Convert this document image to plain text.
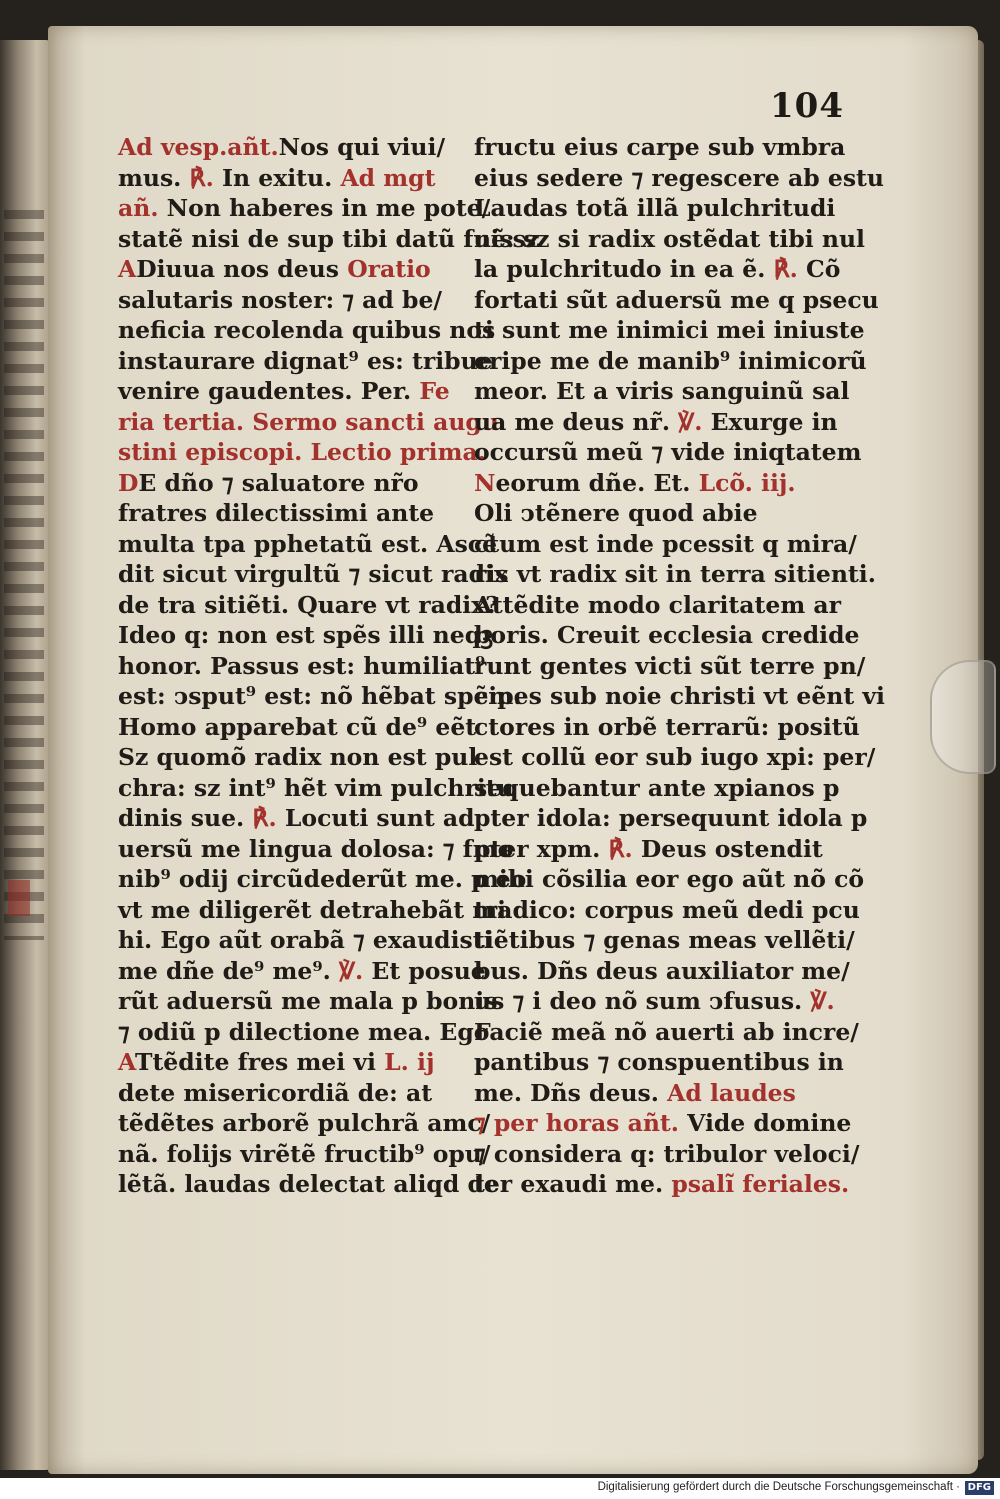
104
Ad vesp.añt.Nos qui viui/
mus. ℟. In exitu. Ad mgt
añ. Non haberes in me pote/
statẽ nisi de sup tibi datũ fuissz
ADiuua nos deus Oratio
salutaris noster: ⁊ ad be/
neficia recolenda quibus nos
instaurare dignat⁹ es: tribue
venire gaudentes. Per. Fe
ria tertia. Sermo sancti augu
stini episcopi. Lectio prima.
DE dño ⁊ saluatore nr̃o
fratres dilectissimi ante
multa tpa pphetatũ est. Ascẽ
dit sicut virgultũ ⁊ sicut radix
de tra sitiẽti. Quare vt radix?
Ideo q: non est spẽs illi neqꝫ
honor. Passus est: humiliat⁹
est: ↄsput⁹ est: nõ hẽbat spẽm.
Homo apparebat cũ de⁹ eẽt
Sz quomõ radix non est pul
chra: sz int⁹ hẽt vim pulchritu
dinis sue. ℟. Locuti sunt ad
uersũ me lingua dolosa: ⁊ fmo
nib⁹ odij circũdederũt me. p eo
vt me diligerẽt detrahebãt mi
hi. Ego aũt orabã ⁊ exaudisti
me dñe de⁹ me⁹. ℣. Et posue
rũt aduersũ me mala p bonis
⁊ odiũ p dilectione mea. Ego
ATtẽdite fres mei vi L. ij
dete misericordiã de: at
tẽdẽtes arborẽ pulchrã amc/
nã. folijs virẽtẽ fructib⁹ opu/
lẽtã. laudas delectat aliqd de
fructu eius carpe sub vmbra
eius sedere ⁊ regescere ab estu
Laudas totã illã pulchritudi
nẽ: sz si radix ostẽdat tibi nul
la pulchritudo in ea ẽ. ℟. Cõ
fortati sũt aduersũ me q psecu
ti sunt me inimici mei iniuste
eripe me de manib⁹ inimicorũ
meor. Et a viris sanguinũ sal
ua me deus nr̃. ℣. Exurge in
occursũ meũ ⁊ vide iniqtatem
Neorum dñe. Et. Lcõ. iij.
Oli ↄtẽnere quod abie
ctum est inde pcessit q mira/
ris vt radix sit in terra sitienti.
Attẽdite modo claritatem ar
boris. Creuit ecclesia credide
runt gentes victi sũt terre pn/
cipes sub noie christi vt eẽnt vi
ctores in orbẽ terrarũ: positũ
est collũ eor sub iugo xpi: per/
sequebantur ante xpianos p
pter idola: persequunt idola p
pter xpm. ℟. Deus ostendit
mihi cõsilia eor ego aũt nõ cõ
tradico: corpus meũ dedi pcu
tiẽtibus ⁊ genas meas vellẽti/
bus. Dñs deus auxiliator me/
us ⁊ i deo nõ sum ↄfusus. ℣.
Faciẽ meã nõ auerti ab incre/
pantibus ⁊ conspuentibus in
me. Dñs deus. Ad laudes
⁊ per horas añt. Vide domine
⁊ considera q: tribulor veloci/
ter exaudi me. psalĩ feriales.
Digitalisierung gefördert durch die Deutsche Forschungsgemeinschaft · DFG
